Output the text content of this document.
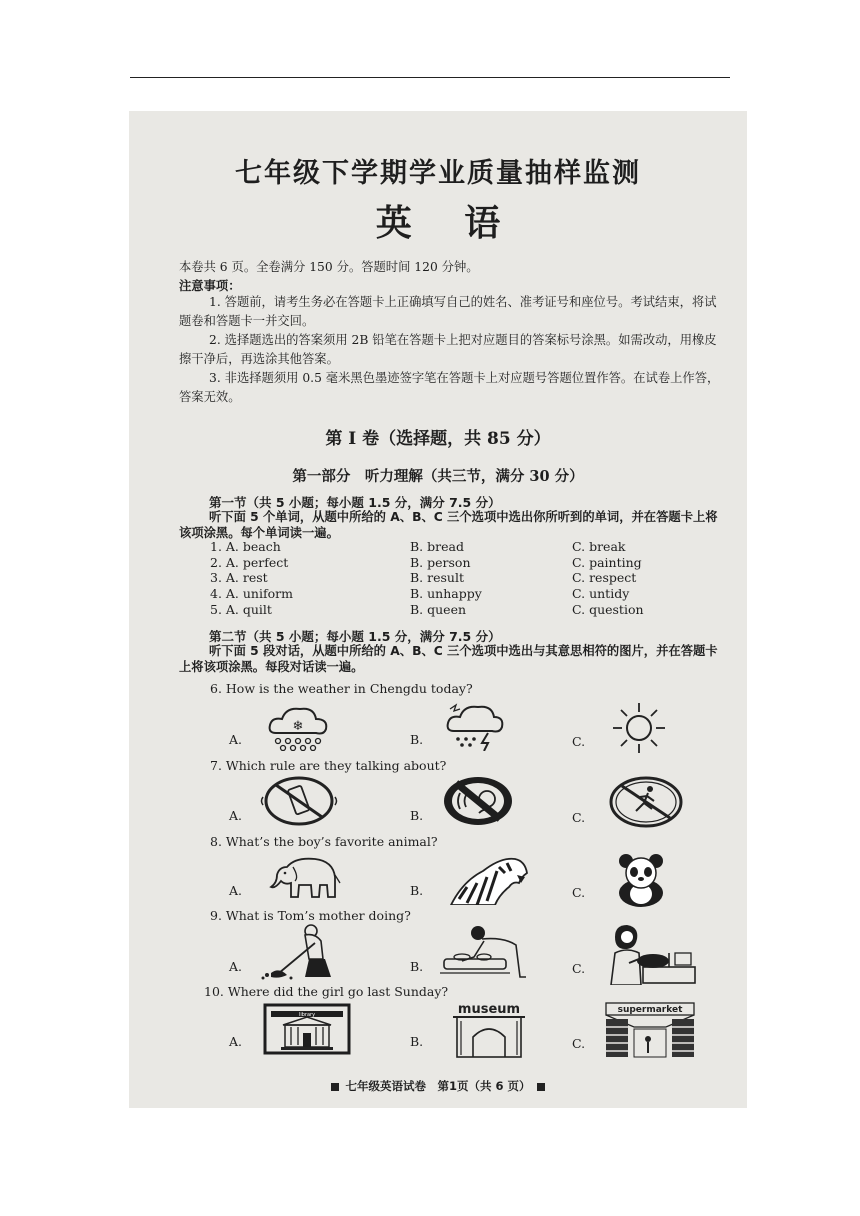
七年级下学期学业质量抽样监测
英 语
本卷共 6 页。全卷满分 150 分。答题时间 120 分钟。
注意事项：
1. 答题前，请考生务必在答题卡上正确填写自己的姓名、准考证号和座位号。考试结束，将试题卷和答题卡一并交回。
2. 选择题选出的答案须用 2B 铅笔在答题卡上把对应题目的答案标号涂黑。如需改动，用橡皮擦干净后，再选涂其他答案。
3. 非选择题须用 0.5 毫米黑色墨迹签字笔在答题卡上对应题号答题位置作答。在试卷上作答，答案无效。
第 I 卷（选择题，共 85 分）
第一部分　听力理解（共三节，满分 30 分）
第一节（共 5 小题；每小题 1.5 分，满分 7.5 分）
听下面 5 个单词，从题中所给的 A、B、C 三个选项中选出你所听到的单词，并在答题卡上将该项涂黑。每个单词读一遍。
1. A. beach	B. bread	C. break
2. A. perfect	B. person	C. painting
3. A. rest	B. result	C. respect
4. A. uniform	B. unhappy	C. untidy
5. A. quilt	B. queen	C. question
第二节（共 5 小题；每小题 1.5 分，满分 7.5 分）
听下面 5 段对话，从题中所给的 A、B、C 三个选项中选出与其意思相符的图片，并在答题卡上将该项涂黑。每段对话读一遍。
6. How is the weather in Chengdu today?
A.
❄
B.	C.
7. Which rule are they talking about?
A.	B.	C.
8. What’s the boy’s favorite animal?
A.	B.	C.
9. What is Tom’s mother doing?
A.	B.	C.
10. Where did the girl go last Sunday?
A.
library
B.
museum
C.
supermarket
七年级英语试卷　第1页（共 6 页）
